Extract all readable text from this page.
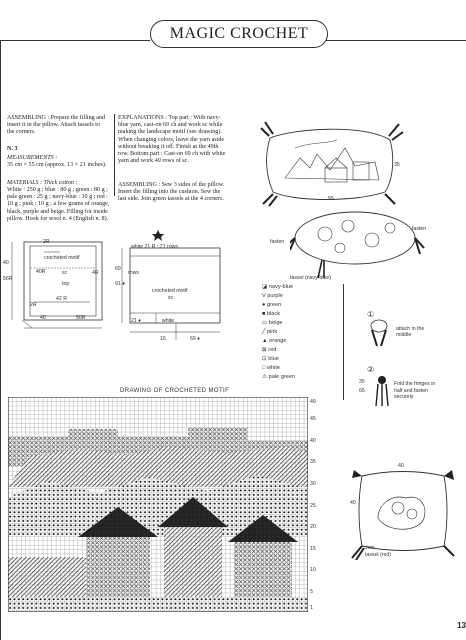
MAGIC CROCHET
ASSEMBLING : Prepare the filling and insert it in the pillow. Attach tassels to the corners.
N. 3
MEASUREMENTS :
35 cm × 55 cm (approx. 13 × 21 inches).
MATERIALS : Thick cotton :
White : 250 g ; blue : 80 g ; green : 80 g ; pale green : 25 g ; navy-blue : 10 g ; red : 10 g ; pink : 10 g ; a few grams of orange, black, purple and beige. Filling for inside pillow. Hook for wool n. 4 (English n. 8).
EXPLANATIONS : Top part : With navy-blue yarn, cast-on 69 ch and work sc while making the landscape motif (see drawing). When changing colors, leave the yarn aside without breaking it off. Finish at the 49th row. Bottom part : Cast-on 69 ch with white yarn and work 49 rows of sc.
ASSEMBLING : Sew 3 sides of the pillow. Insert the filling into the cushion. Sew the last side. Join green tassels at the 4 corners.
2R
40
56R
4R
crocheted motif
40R	sc
top
42 R
2R
40	50R
white 21 R : 21 rows
rows
69
91 ♦
crocheted motif
sc
21 ♦	white
16	69 ♦
35
55
fasten
fasten
tassel (navy-blue)
◪ navy-blue
V purple
● green
■ black
▭ beige
╱ pink
▲ orange
⊠ red
⊡ blue
□ white
⚠ pale green
①
attach in the middle
②
35
65
Fold the fringes in half and fasten securely
40
40
Join
tassel (red)
DRAWING OF CROCHETED MOTIF
49
45
40
35
30
25
20
15
10
5
1
13
